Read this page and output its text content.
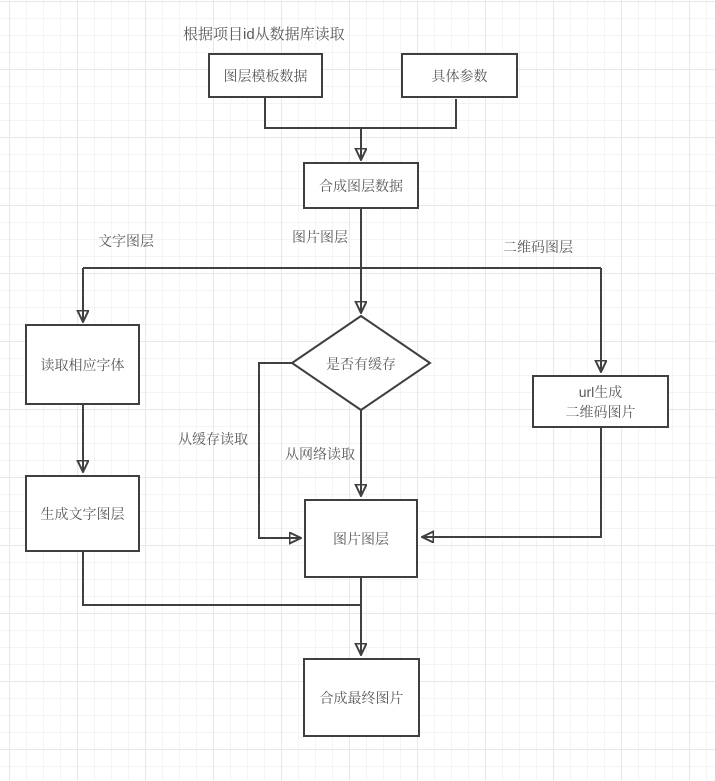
根据项目id从数据库读取
图层模板数据	具体参数
合成图层数据
文字图层	图片图层
二维码图层
读取相应字体	是否有缓存
url生成
二维码图片
从缓存读取
从网络读取
生成文字图层
图片图层
合成最终图片
